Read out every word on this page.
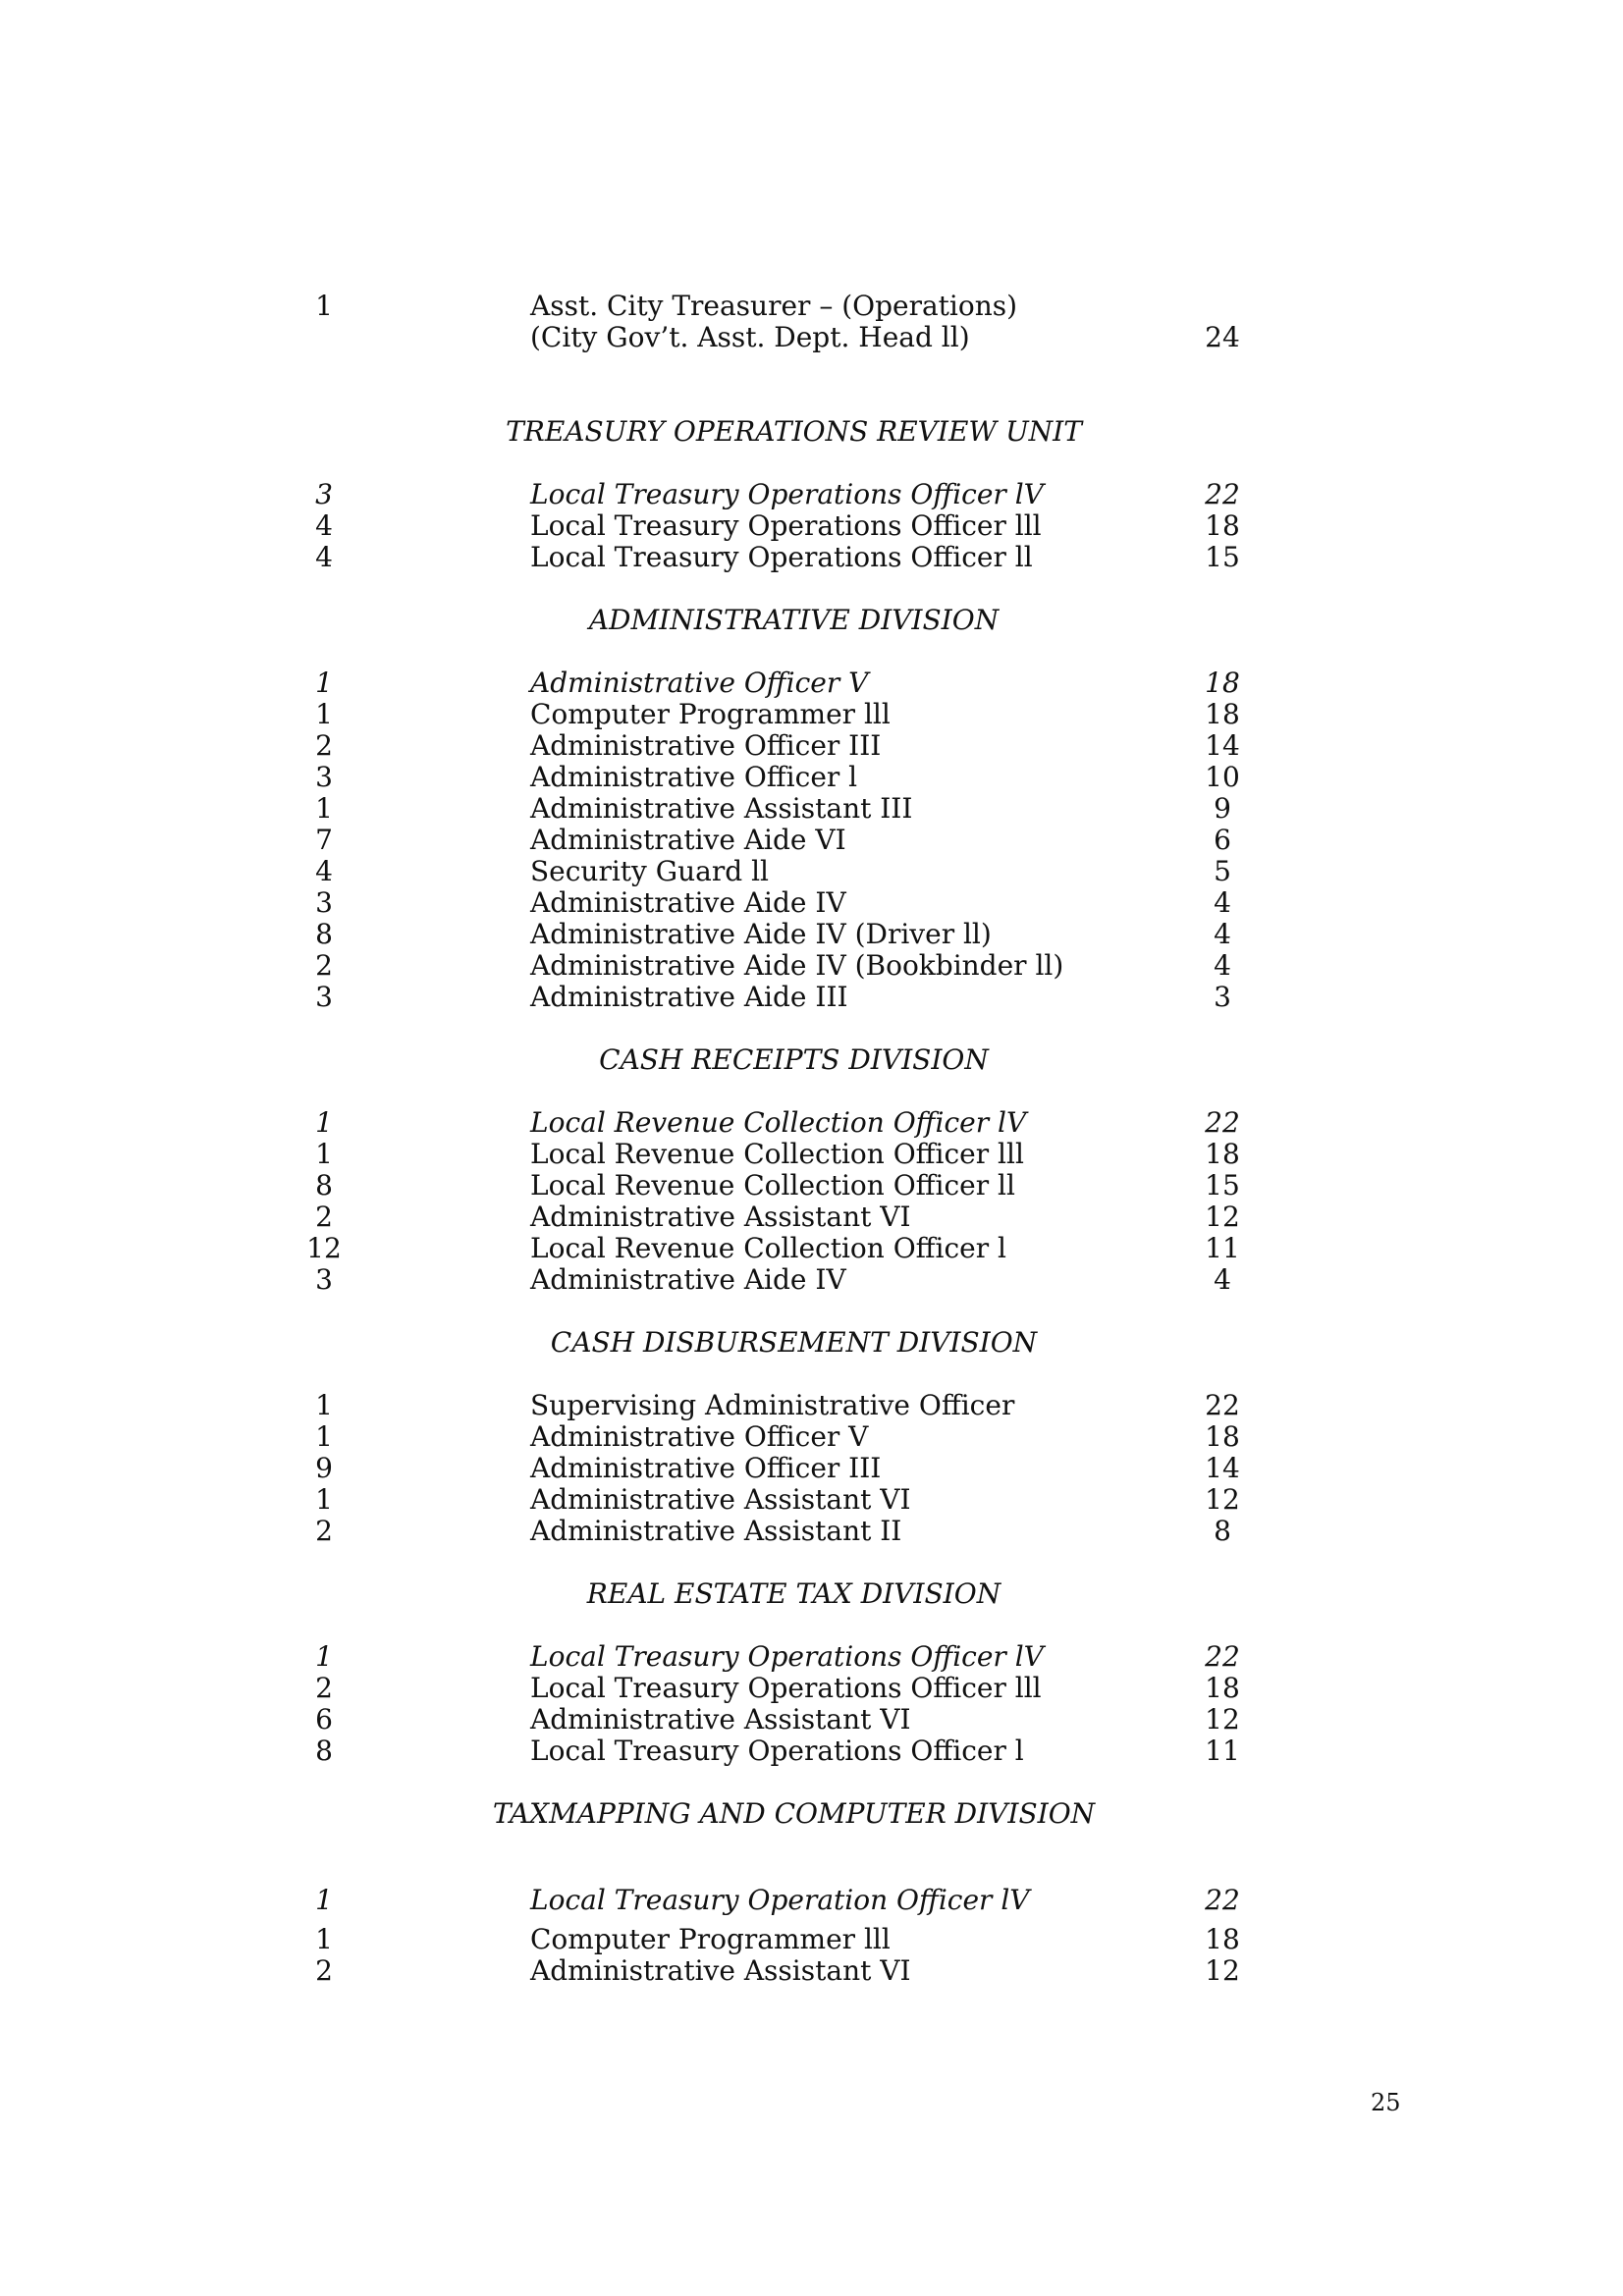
1	Asst. City Treasurer – (Operations)
(City Gov’t. Asst. Dept. Head ll)	24
TREASURY OPERATIONS REVIEW UNIT
3	Local Treasury Operations Officer lV	22
4	Local Treasury Operations Officer lll	18
4	Local Treasury Operations Officer ll	15
ADMINISTRATIVE DIVISION
1	Administrative Officer V	18
1	Computer Programmer lll	18
2	Administrative Officer III	14
3	Administrative Officer l	10
1	Administrative Assistant III	9
7	Administrative Aide VI	6
4	Security Guard ll	5
3	Administrative Aide IV	4
8	Administrative Aide IV (Driver ll)	4
2	Administrative Aide IV (Bookbinder ll)	4
3	Administrative Aide III	3
CASH RECEIPTS DIVISION
1	Local Revenue Collection Officer lV	22
1	Local Revenue Collection Officer lll	18
8	Local Revenue Collection Officer ll	15
2	Administrative Assistant VI	12
12	Local Revenue Collection Officer l	11
3	Administrative Aide IV	4
CASH DISBURSEMENT DIVISION
1	Supervising Administrative Officer	22
1	Administrative Officer V	18
9	Administrative Officer III	14
1	Administrative Assistant VI	12
2	Administrative Assistant II	8
REAL ESTATE TAX DIVISION
1	Local Treasury Operations Officer lV	22
2	Local Treasury Operations Officer lll	18
6	Administrative Assistant VI	12
8	Local Treasury Operations Officer l	11
TAXMAPPING AND COMPUTER DIVISION
1	Local Treasury Operation Officer lV	22
1	Computer Programmer lll	18
2	Administrative Assistant VI	12
25
